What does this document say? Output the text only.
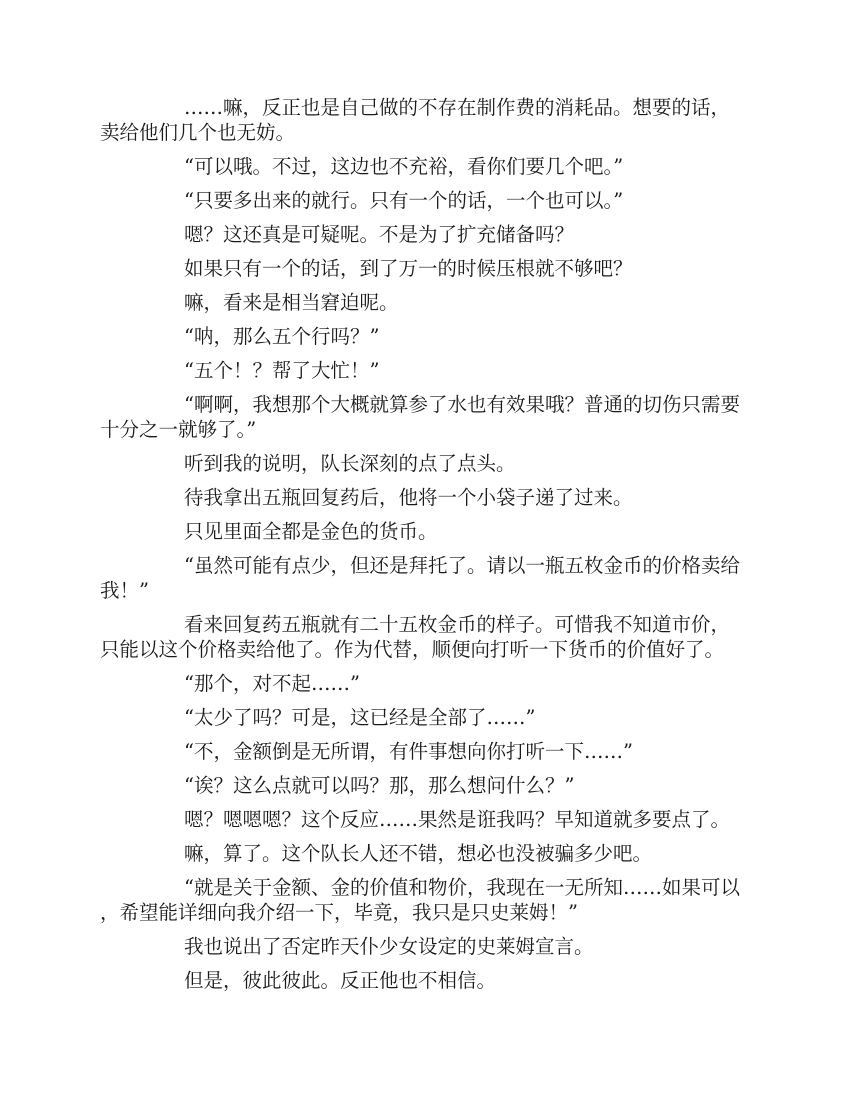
……嘛，反正也是自己做的不存在制作费的消耗品。想要的话，卖给他们几个也无妨。

“可以哦。不过，这边也不充裕，看你们要几个吧。”

“只要多出来的就行。只有一个的话，一个也可以。”

嗯？这还真是可疑呢。不是为了扩充储备吗？

如果只有一个的话，到了万一的时候压根就不够吧？

嘛，看来是相当窘迫呢。

“呐，那么五个行吗？”

“五个！？帮了大忙！”

“啊啊，我想那个大概就算参了水也有效果哦？普通的切伤只需要十分之一就够了。”

听到我的说明，队长深刻的点了点头。

待我拿出五瓶回复药后，他将一个小袋子递了过来。

只见里面全都是金色的货币。

“虽然可能有点少，但还是拜托了。请以一瓶五枚金币的价格卖给我！”

看来回复药五瓶就有二十五枚金币的样子。可惜我不知道市价，只能以这个价格卖给他了。作为代替，顺便向打听一下货币的价值好了。

“那个，对不起……”

“太少了吗？可是，这已经是全部了……”

“不，金额倒是无所谓，有件事想向你打听一下……”

“诶？这么点就可以吗？那，那么想问什么？”

嗯？嗯嗯嗯？这个反应……果然是诳我吗？早知道就多要点了。

嘛，算了。这个队长人还不错，想必也没被骗多少吧。

“就是关于金额、金的价值和物价，我现在一无所知……如果可以，希望能详细向我介绍一下，毕竟，我只是只史莱姆！”

我也说出了否定昨天仆少女设定的史莱姆宣言。

但是，彼此彼此。反正他也不相信。
